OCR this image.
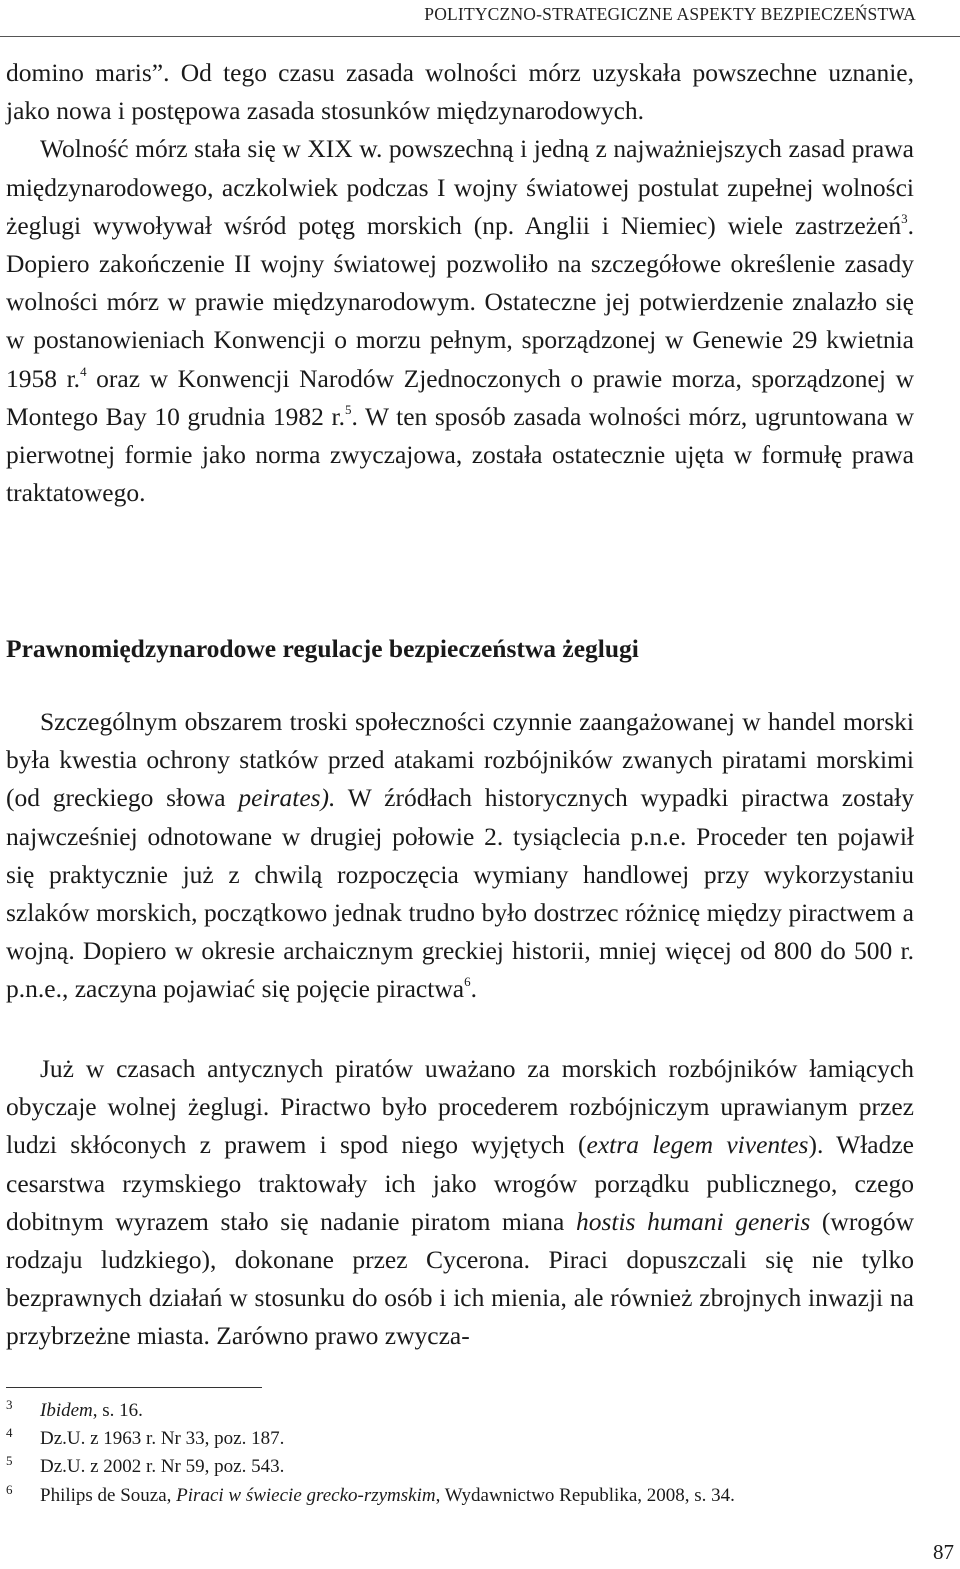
POLITYCZNO-STRATEGICZNE ASPEKTY BEZPIECZEŃSTWA

domino maris”. Od tego czasu zasada wolności mórz uzyskała powszechne uznanie, jako nowa i postępowa zasada stosunków międzynarodowych.
Wolność mórz stała się w XIX w. powszechną i jedną z najważniejszych zasad prawa międzynarodowego, aczkolwiek podczas I wojny światowej postulat zupełnej wolności żeglugi wywoływał wśród potęg morskich (np. Anglii i Niemiec) wiele zastrzeżeń$^3$. Dopiero zakończenie II wojny światowej pozwoliło na szczegółowe określenie zasady wolności mórz w prawie międzynarodowym. Ostateczne jej potwierdzenie znalazło się w postanowieniach Konwencji o morzu pełnym, sporządzonej w Genewie 29 kwietnia 1958 r.$^4$ oraz w Konwencji Narodów Zjednoczonych o prawie morza, sporządzonej w Montego Bay 10 grudnia 1982 r.$^5$. W ten sposób zasada wolności mórz, ugruntowana w pierwotnej formie jako norma zwyczajowa, została ostatecznie ujęta w formułę prawa traktatowego.

Prawnomiędzynarodowe regulacje bezpieczeństwa żeglugi

Szczególnym obszarem troski społeczności czynnie zaangażowanej w handel morski była kwestia ochrony statków przed atakami rozbójników zwanych piratami morskimi (od greckiego słowa peirates). W źródłach historycznych wypadki piractwa zostały najwcześniej odnotowane w drugiej połowie 2. tysiąclecia p.n.e. Proceder ten pojawił się praktycznie już z chwilą rozpoczęcia wymiany handlowej przy wykorzystaniu szlaków morskich, początkowo jednak trudno było dostrzec różnicę między piractwem a wojną. Dopiero w okresie archaicznym greckiej historii, mniej więcej od 800 do 500 r. p.n.e., zaczyna pojawiać się pojęcie piractwa$^6$.

Już w czasach antycznych piratów uważano za morskich rozbójników łamiących obyczaje wolnej żeglugi. Piractwo było procederem rozbójniczym uprawianym przez ludzi skłóconych z prawem i spod niego wyjętych (extra legem viventes). Władze cesarstwa rzymskiego traktowały ich jako wrogów porządku publicznego, czego dobitnym wyrazem stało się nadanie piratom miana hostis humani generis (wrogów rodzaju ludzkiego), dokonane przez Cycerona. Piraci dopuszczali się nie tylko bezprawnych działań w stosunku do osób i ich mienia, ale również zbrojnych inwazji na przybrzeżne miasta. Zarówno prawo zwycza-

3 Ibidem, s. 16.
4 Dz.U. z 1963 r. Nr 33, poz. 187.
5 Dz.U. z 2002 r. Nr 59, poz. 543.
6 Philips de Souza, Piraci w świecie grecko-rzymskim, Wydawnictwo Republika, 2008, s. 34.
87
